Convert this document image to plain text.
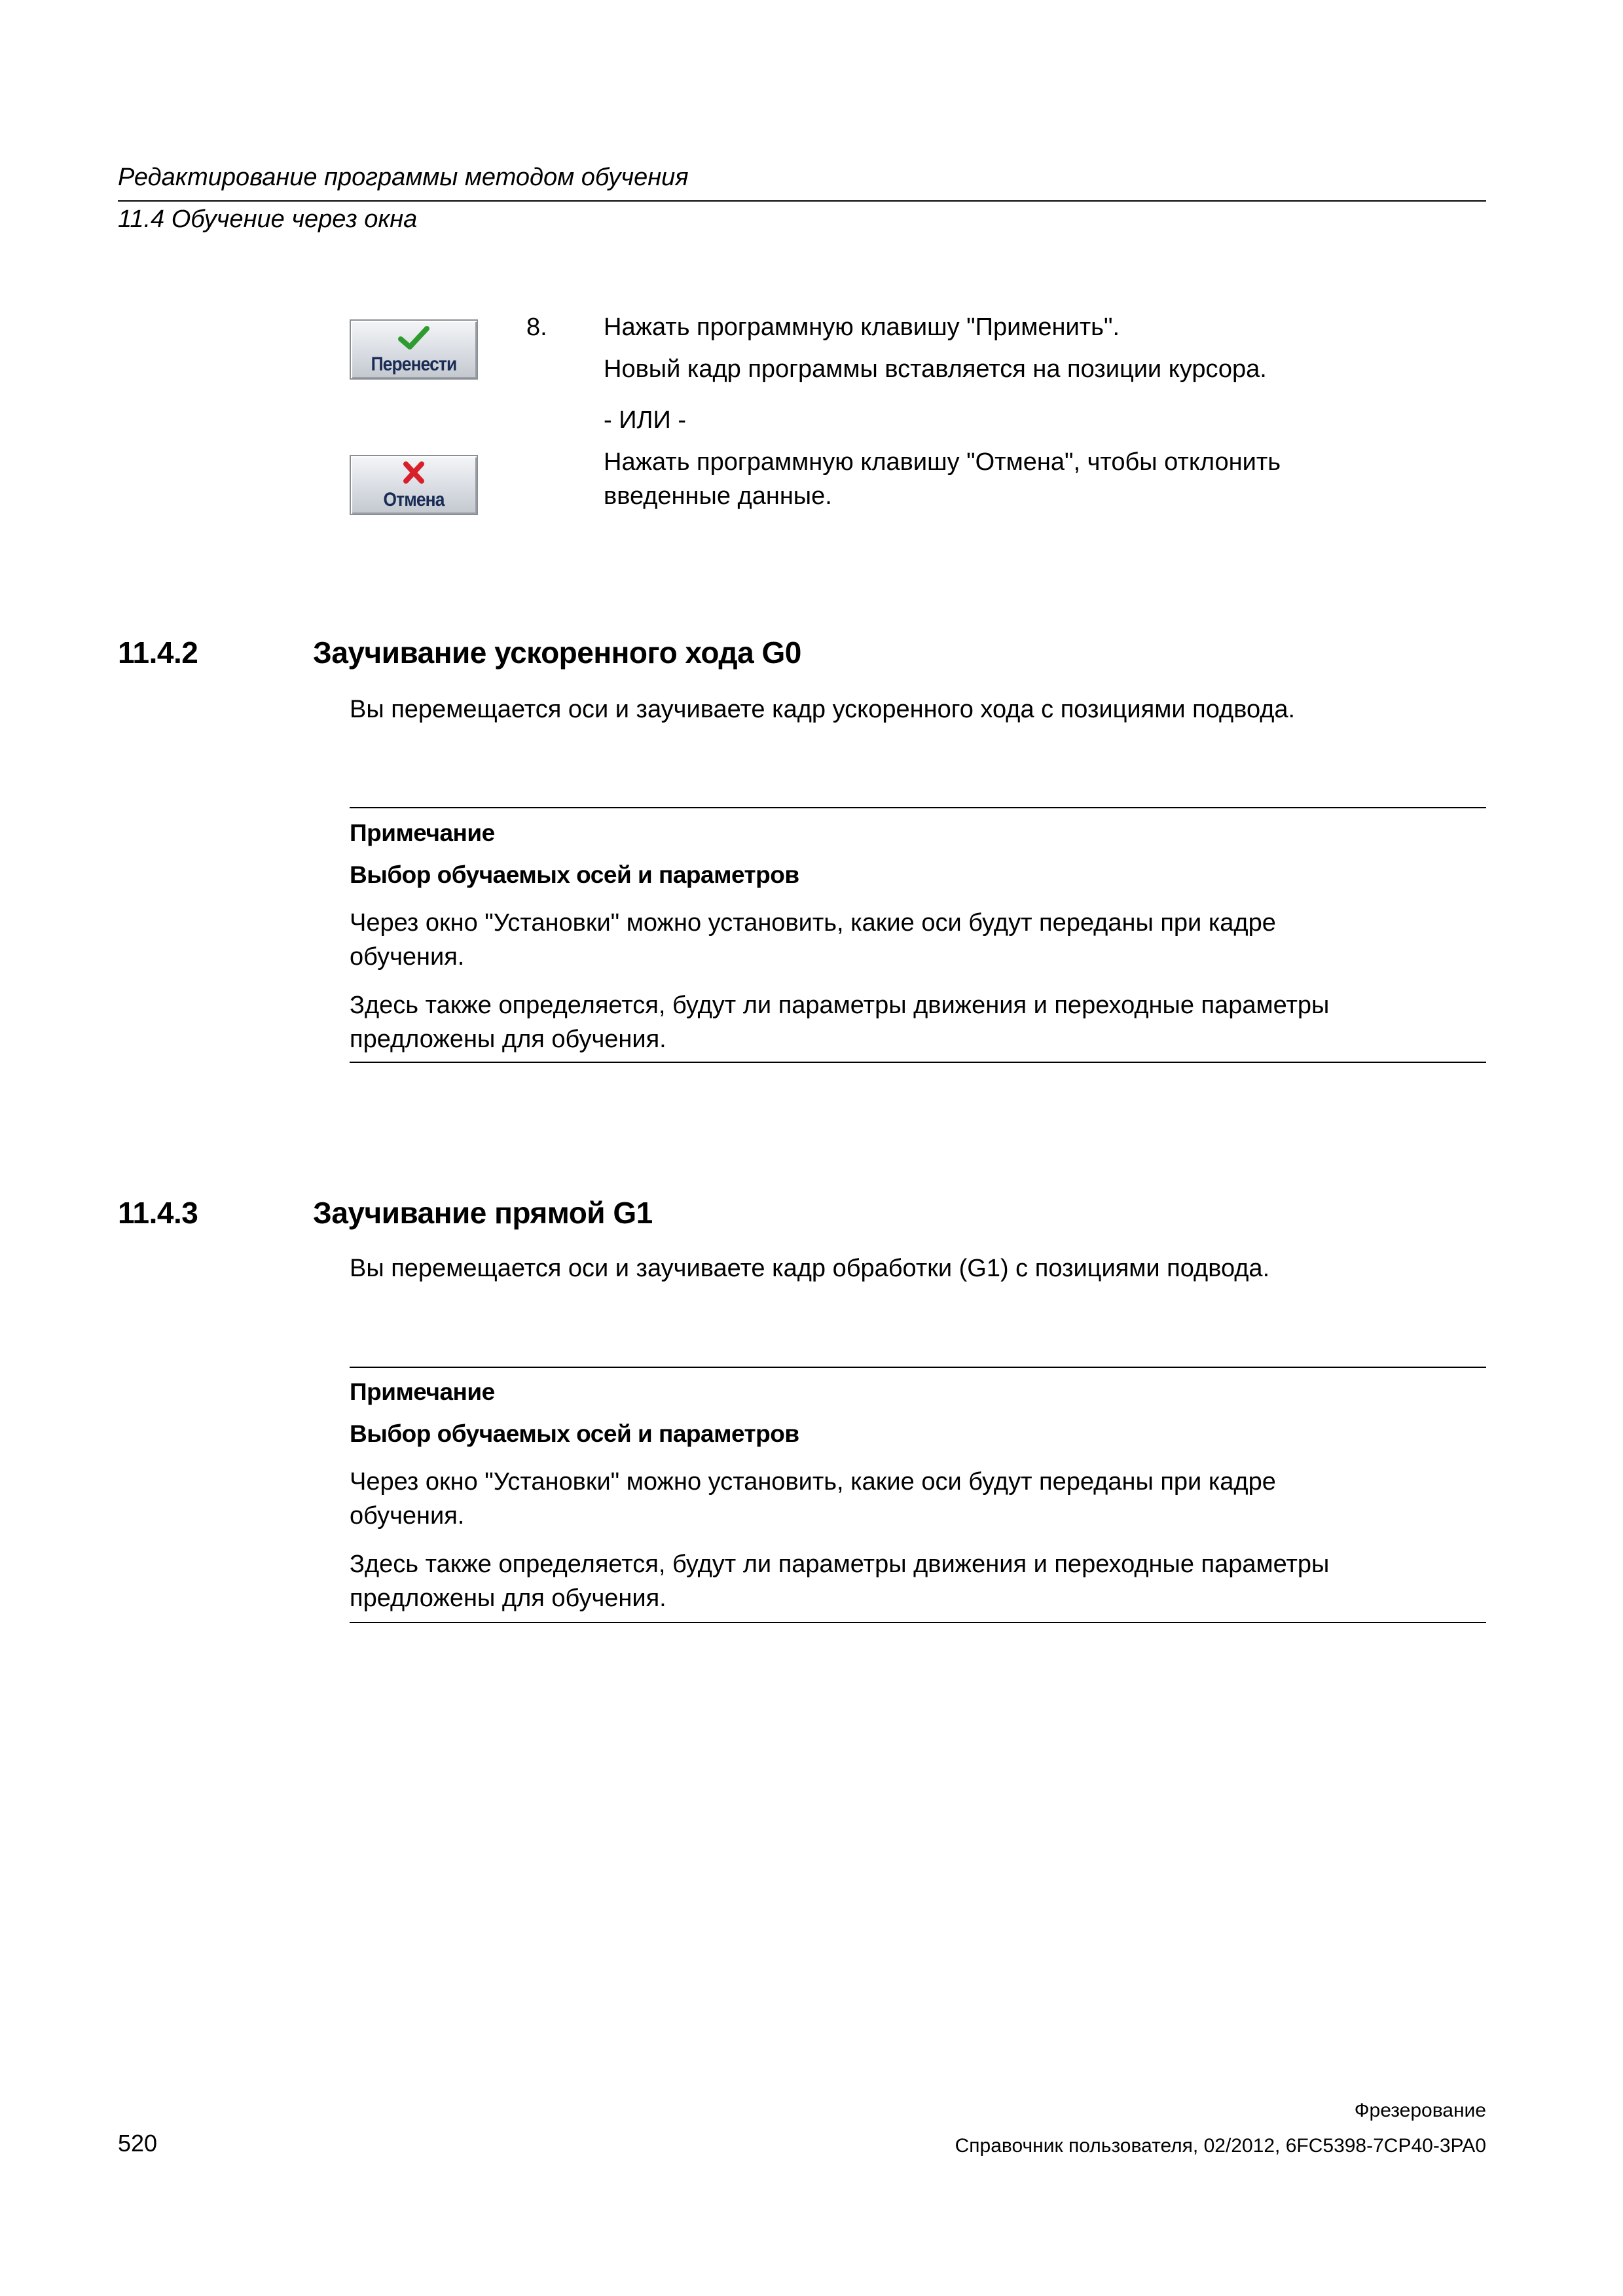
Редактирование программы методом обучения
11.4 Обучение через окна
Перенести
Отмена
8. Нажать программную клавишу "Применить".
Новый кадр программы вставляется на позиции курсора.
- ИЛИ -
Нажать программную клавишу "Отмена", чтобы отклонить
введенные данные.
11.4.2	Заучивание ускоренного хода G0
Вы перемещается оси и заучиваете кадр ускоренного хода с позициями подвода.
Примечание
Выбор обучаемых осей и параметров
Через окно "Установки" можно установить, какие оси будут переданы при кадре
обучения.
Здесь также определяется, будут ли параметры движения и переходные параметры
предложены для обучения.
11.4.3	Заучивание прямой G1
Вы перемещается оси и заучиваете кадр обработки (G1) с позициями подвода.
Примечание
Выбор обучаемых осей и параметров
Через окно "Установки" можно установить, какие оси будут переданы при кадре
обучения.
Здесь также определяется, будут ли параметры движения и переходные параметры
предложены для обучения.
Фрезерование
520	Справочник пользователя, 02/2012, 6FC5398-7CP40-3PA0
